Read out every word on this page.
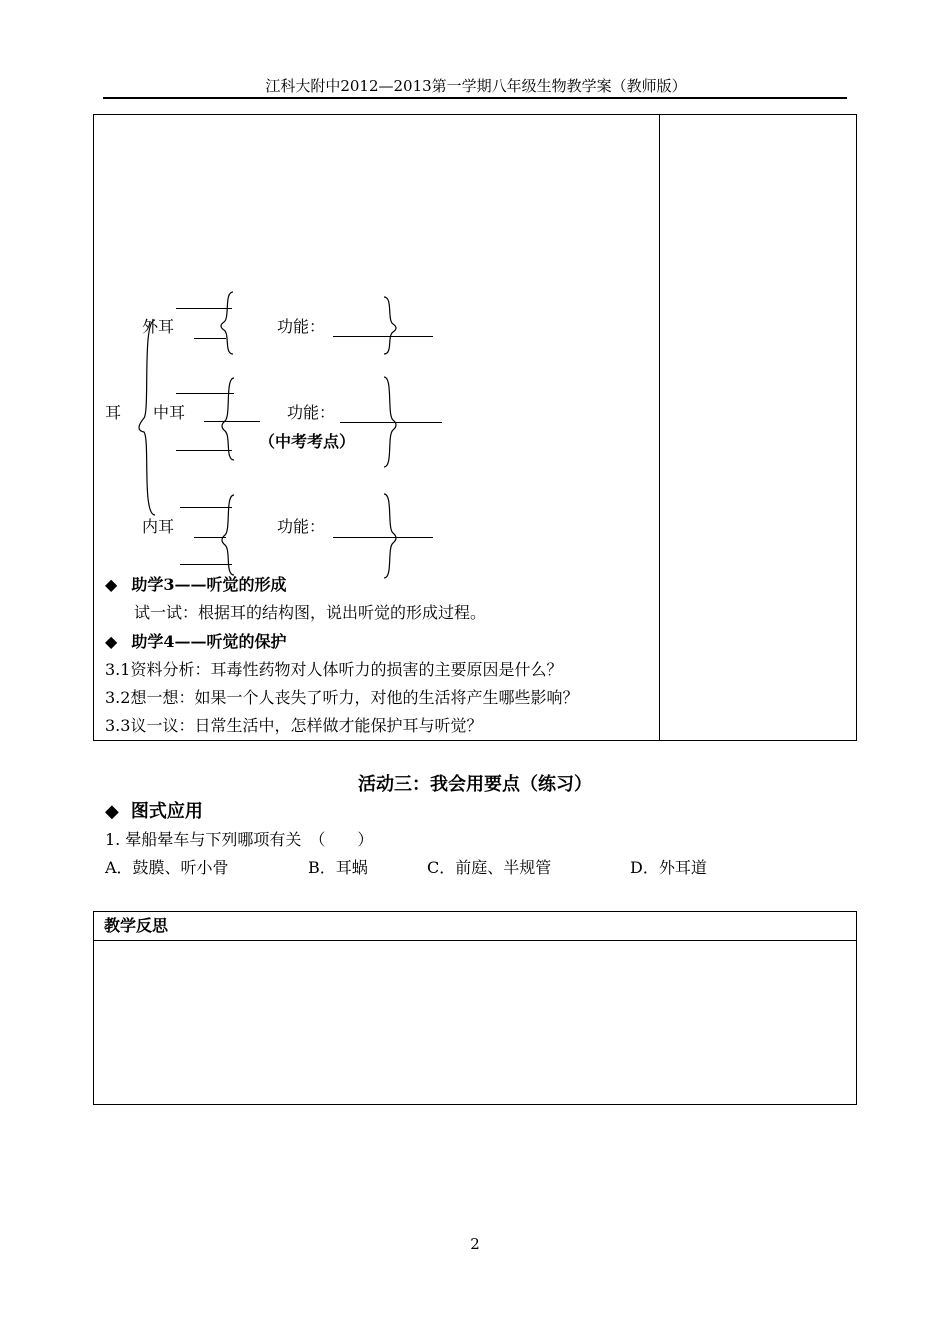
江科大附中2012—2013第一学期八年级生物教学案（教师版）
耳
外耳	功能：
中耳	功能：
（中考考点）
内耳	功能：
◆ 助学3——听觉的形成
试一试：根据耳的结构图，说出听觉的形成过程。
◆ 助学4——听觉的保护
3.1资料分析：耳毒性药物对人体听力的损害的主要原因是什么？
3.2想一想：如果一个人丧失了听力，对他的生活将产生哪些影响？
3.3议一议：日常生活中，怎样做才能保护耳与听觉？
活动三：我会用要点（练习）
◆ 图式应用
1. 晕船晕车与下列哪项有关　（　　）
A．鼓膜、听小骨	B．耳蜗	C．前庭、半规管	D．外耳道
教学反思
2
